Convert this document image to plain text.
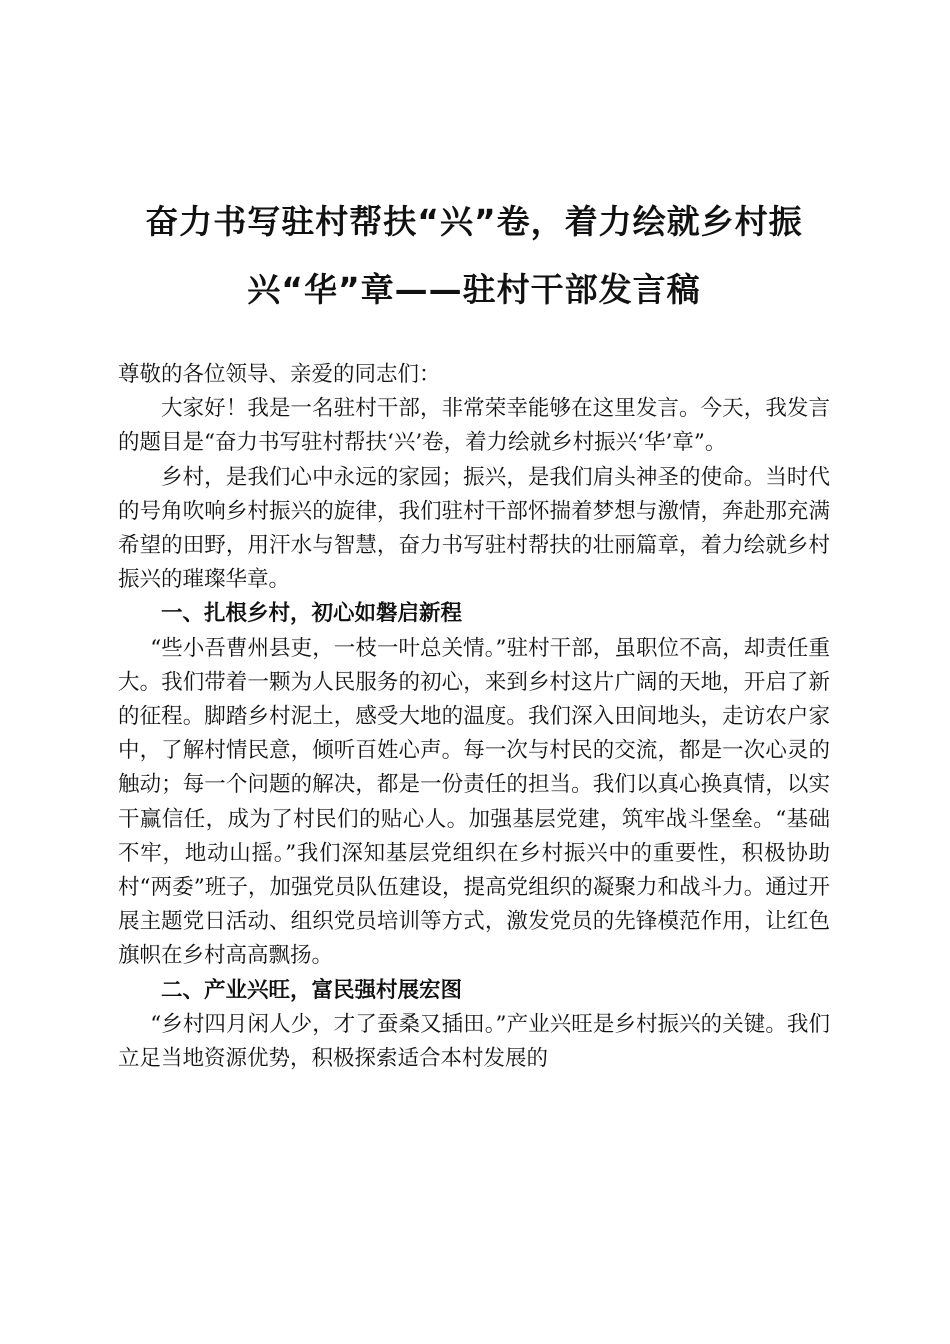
奋力书写驻村帮扶“兴”卷，着力绘就乡村振
兴“华”章——驻村干部发言稿

尊敬的各位领导、亲爱的同志们：

大家好！我是一名驻村干部，非常荣幸能够在这里发言。今天，我发言的题目是“奋力书写驻村帮扶‘兴’卷，着力绘就乡村振兴‘华’章”。

乡村，是我们心中永远的家园；振兴，是我们肩头神圣的使命。当时代的号角吹响乡村振兴的旋律，我们驻村干部怀揣着梦想与激情，奔赴那充满希望的田野，用汗水与智慧，奋力书写驻村帮扶的壮丽篇章，着力绘就乡村振兴的璀璨华章。

一、扎根乡村，初心如磐启新程

“些小吾曹州县吏，一枝一叶总关情。”驻村干部，虽职位不高，却责任重大。我们带着一颗为人民服务的初心，来到乡村这片广阔的天地，开启了新的征程。脚踏乡村泥土，感受大地的温度。我们深入田间地头，走访农户家中，了解村情民意，倾听百姓心声。每一次与村民的交流，都是一次心灵的触动；每一个问题的解决，都是一份责任的担当。我们以真心换真情，以实干赢信任，成为了村民们的贴心人。加强基层党建，筑牢战斗堡垒。“基础不牢，地动山摇。”我们深知基层党组织在乡村振兴中的重要性，积极协助村“两委”班子，加强党员队伍建设，提高党组织的凝聚力和战斗力。通过开展主题党日活动、组织党员培训等方式，激发党员的先锋模范作用，让红色旗帜在乡村高高飘扬。

二、产业兴旺，富民强村展宏图

“乡村四月闲人少，才了蚕桑又插田。”产业兴旺是乡村振兴的关键。我们立足当地资源优势，积极探索适合本村发展的
